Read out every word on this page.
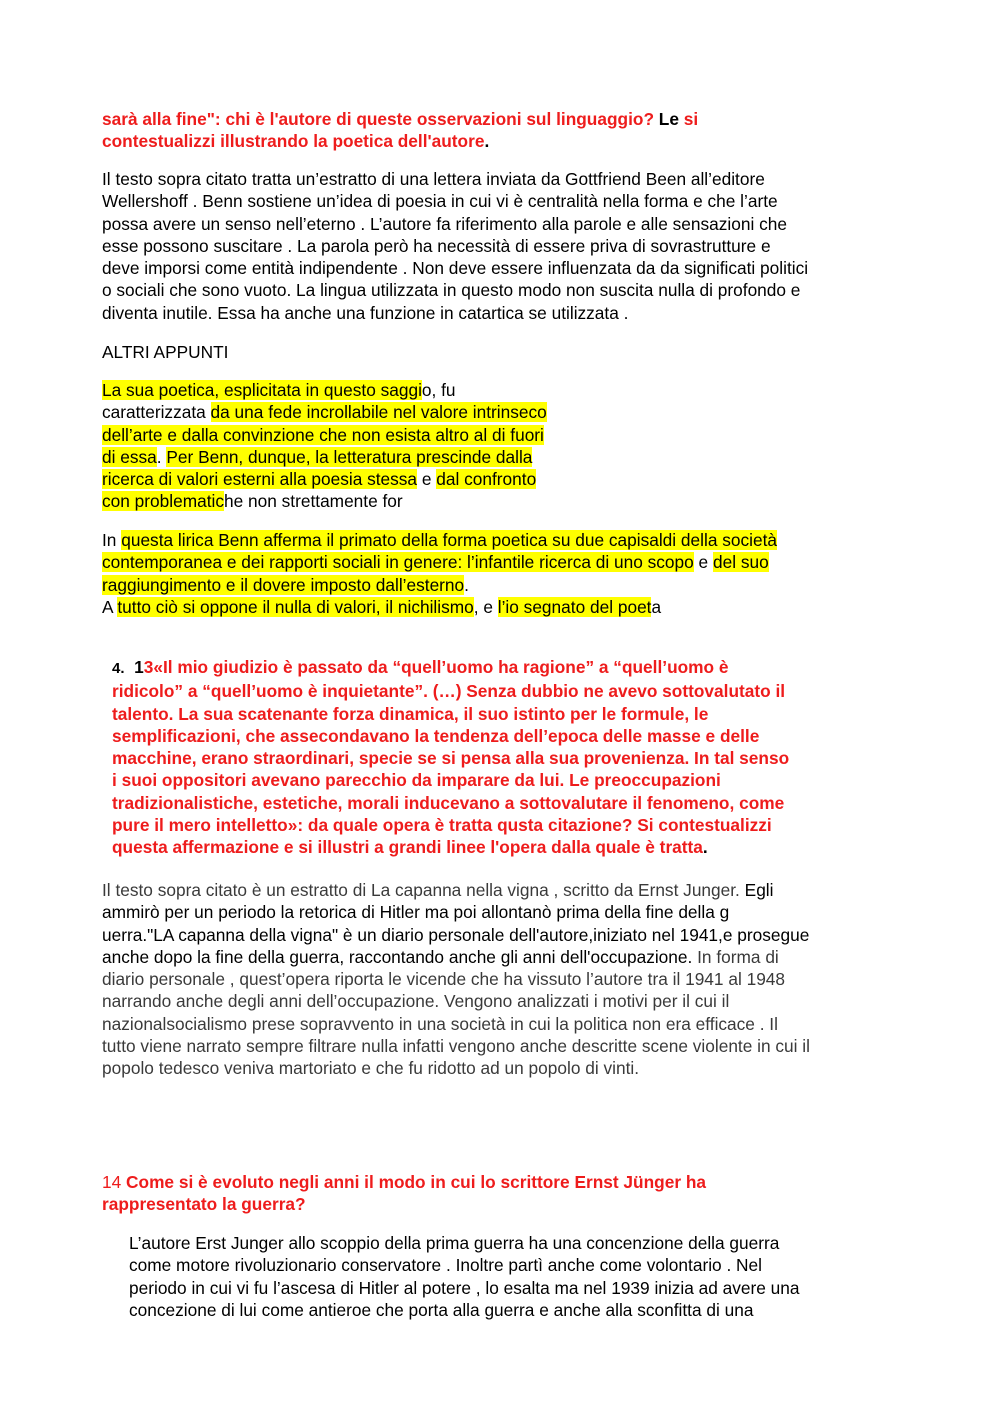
sarà alla fine": chi è l'autore di queste osservazioni sul linguaggio? Le si
contestualizzi illustrando la poetica dell'autore.
Il testo sopra citato tratta un’estratto di una lettera inviata da Gottfriend Been all’editore
Wellershoff . Benn sostiene un’idea di poesia in cui vi è centralità nella forma e che l’arte
possa avere un senso nell’eterno . L’autore fa riferimento alla parole e alle sensazioni che
esse possono suscitare . La parola però ha necessità di essere priva di sovrastrutture e
deve imporsi come entità indipendente . Non deve essere influenzata da da significati politici
o sociali che sono vuoto. La lingua utilizzata in questo modo non suscita nulla di profondo e
diventa inutile. Essa ha anche una funzione in catartica se utilizzata .
ALTRI APPUNTI
La sua poetica, esplicitata in questo saggio, fu
caratterizzata da una fede incrollabile nel valore intrinseco
dell’arte e dalla convinzione che non esista altro al di fuori
di essa. Per Benn, dunque, la letteratura prescinde dalla
ricerca di valori esterni alla poesia stessa e dal confronto
con problematiche non strettamente for
In questa lirica Benn afferma il primato della forma poetica su due capisaldi della società
contemporanea e dei rapporti sociali in genere: l’infantile ricerca di uno scopo e del suo
raggiungimento e il dovere imposto dall’esterno.
A tutto ciò si oppone il nulla di valori, il nichilismo, e l’io segnato del poeta
4. 13«Il mio giudizio è passato da “quell’uomo ha ragione” a “quell’uomo è
ridicolo” a “quell’uomo è inquietante”. (…) Senza dubbio ne avevo sottovalutato il
talento. La sua scatenante forza dinamica, il suo istinto per le formule, le
semplificazioni, che assecondavano la tendenza dell’epoca delle masse e delle
macchine, erano straordinari, specie se si pensa alla sua provenienza. In tal senso
i suoi oppositori avevano parecchio da imparare da lui. Le preoccupazioni
tradizionalistiche, estetiche, morali inducevano a sottovalutare il fenomeno, come
pure il mero intelletto»: da quale opera è tratta qusta citazione? Si contestualizzi
questa affermazione e si illustri a grandi linee l'opera dalla quale è tratta.
Il testo sopra citato è un estratto di La capanna nella vigna , scritto da Ernst Junger. Egli
ammirò per un periodo la retorica di Hitler ma poi allontanò prima della fine della g
uerra."LA capanna della vigna" è un diario personale dell'autore,iniziato nel 1941,e prosegue
anche dopo la fine della guerra, raccontando anche gli anni dell'occupazione. In forma di
diario personale , quest’opera riporta le vicende che ha vissuto l’autore tra il 1941 al 1948
narrando anche degli anni dell’occupazione. Vengono analizzati i motivi per il cui il
nazionalsocialismo prese sopravvento in una società in cui la politica non era efficace . Il
tutto viene narrato sempre filtrare nulla infatti vengono anche descritte scene violente in cui il
popolo tedesco veniva martoriato e che fu ridotto ad un popolo di vinti.
14 Come si è evoluto negli anni il modo in cui lo scrittore Ernst Jünger ha
rappresentato la guerra?
L’autore Erst Junger allo scoppio della prima guerra ha una concenzione della guerra
come motore rivoluzionario conservatore . Inoltre partì anche come volontario . Nel
periodo in cui vi fu l’ascesa di Hitler al potere , lo esalta ma nel 1939 inizia ad avere una
concezione di lui come antieroe che porta alla guerra e anche alla sconfitta di una
